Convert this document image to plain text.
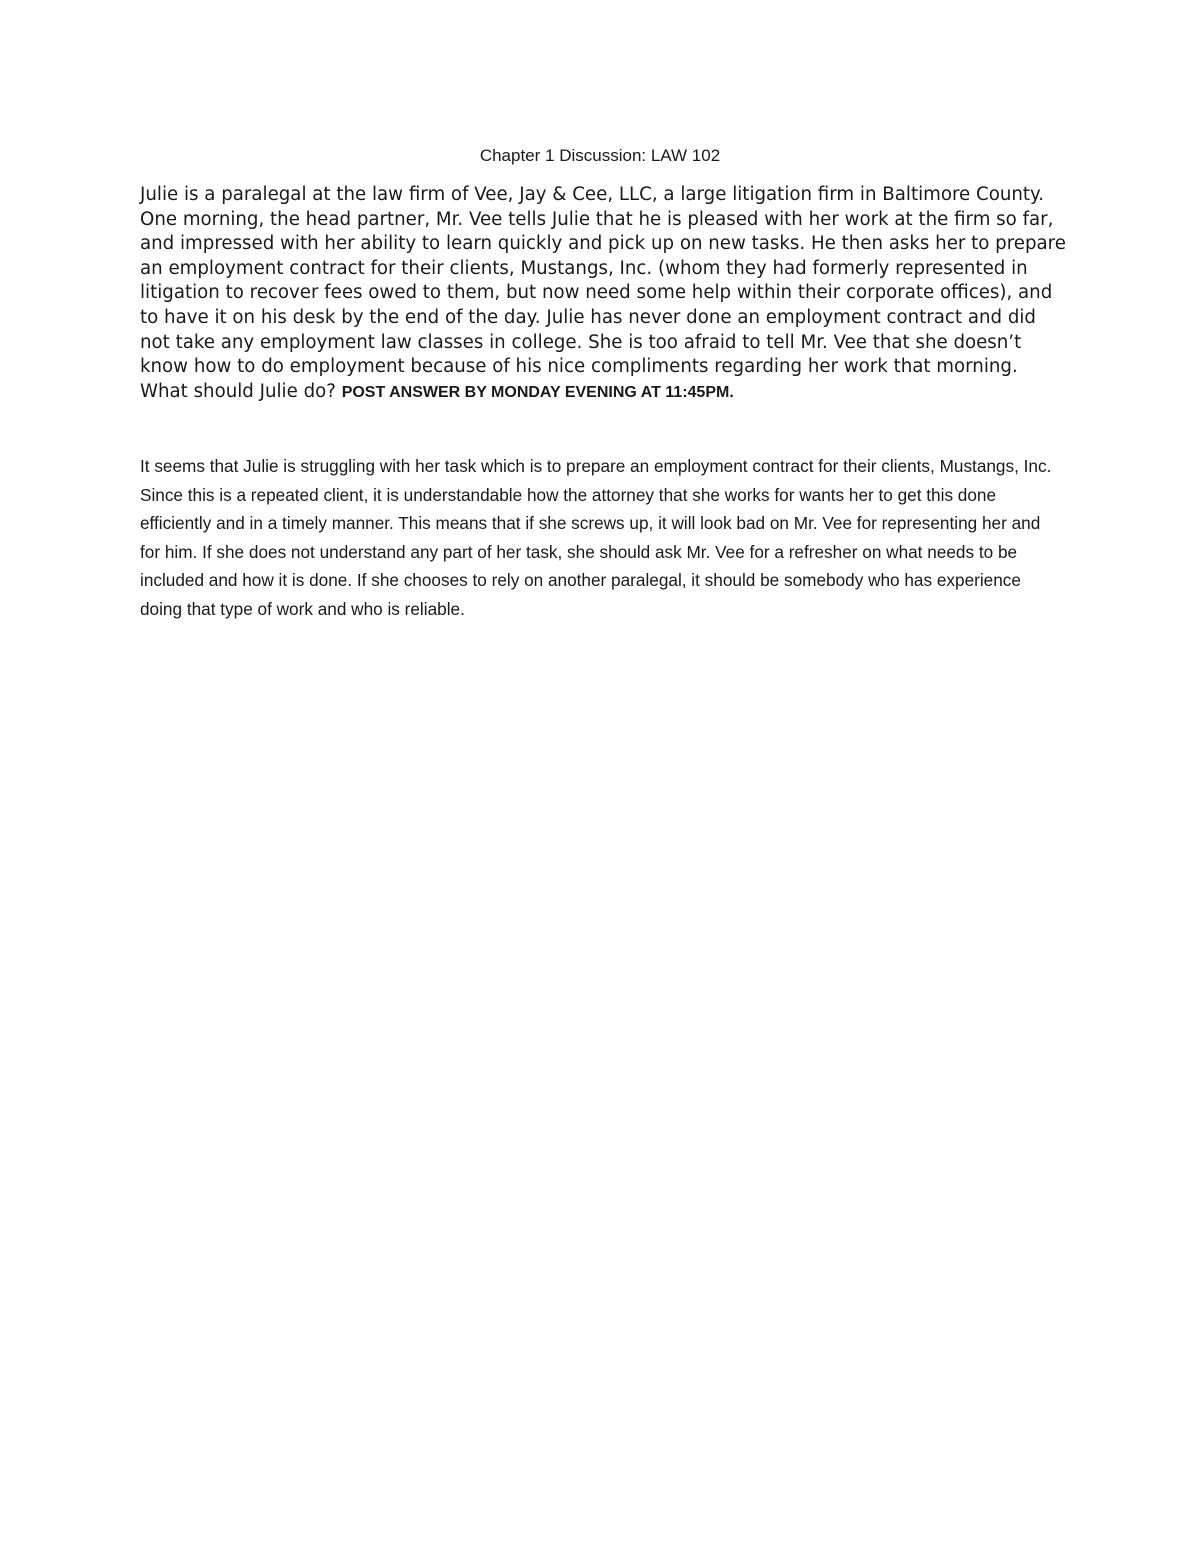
Chapter 1 Discussion: LAW 102

Julie is a paralegal at the law firm of Vee, Jay & Cee, LLC, a large litigation firm in Baltimore County. One morning, the head partner, Mr. Vee tells Julie that he is pleased with her work at the firm so far, and impressed with her ability to learn quickly and pick up on new tasks. He then asks her to prepare an employment contract for their clients, Mustangs, Inc. (whom they had formerly represented in litigation to recover fees owed to them, but now need some help within their corporate offices), and to have it on his desk by the end of the day. Julie has never done an employment contract and did not take any employment law classes in college. She is too afraid to tell Mr. Vee that she doesn’t know how to do employment because of his nice compliments regarding her work that morning. What should Julie do? POST ANSWER BY MONDAY EVENING AT 11:45PM.

It seems that Julie is struggling with her task which is to prepare an employment contract for their clients, Mustangs, Inc. Since this is a repeated client, it is understandable how the attorney that she works for wants her to get this done efficiently and in a timely manner. This means that if she screws up, it will look bad on Mr. Vee for representing her and for him. If she does not understand any part of her task, she should ask Mr. Vee for a refresher on what needs to be included and how it is done. If she chooses to rely on another paralegal, it should be somebody who has experience doing that type of work and who is reliable.
